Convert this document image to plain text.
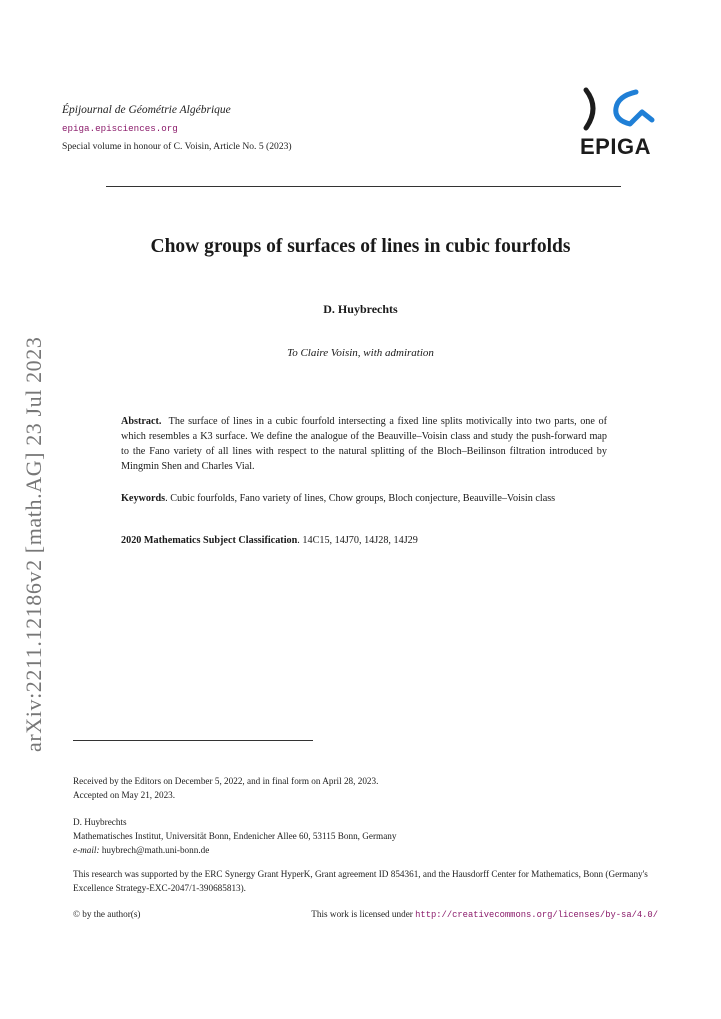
Épijournal de Géométrie Algébrique
epiga.episciences.org
Special volume in honour of C. Voisin, Article No. 5 (2023)	EPIGA
arXiv:2211.12186v2 [math.AG] 23 Jul 2023
Chow groups of surfaces of lines in cubic fourfolds
D. Huybrechts
To Claire Voisin, with admiration
Abstract. The surface of lines in a cubic fourfold intersecting a fixed line splits motivically into two parts, one of which resembles a K3 surface. We define the analogue of the Beauville–Voisin class and study the push-forward map to the Fano variety of all lines with respect to the natural splitting of the Bloch–Beilinson filtration introduced by Mingmin Shen and Charles Vial.
Keywords. Cubic fourfolds, Fano variety of lines, Chow groups, Bloch conjecture, Beauville–Voisin class
2020 Mathematics Subject Classification. 14C15, 14J70, 14J28, 14J29
Received by the Editors on December 5, 2022, and in final form on April 28, 2023.
Accepted on May 21, 2023.
D. Huybrechts
Mathematisches Institut, Universität Bonn, Endenicher Allee 60, 53115 Bonn, Germany
e-mail: huybrech@math.uni-bonn.de
This research was supported by the ERC Synergy Grant HyperK, Grant agreement ID 854361, and the Hausdorff Center for Mathematics, Bonn (Germany's Excellence Strategy-EXC-2047/1-390685813).
© by the author(s)	This work is licensed under http://creativecommons.org/licenses/by-sa/4.0/
